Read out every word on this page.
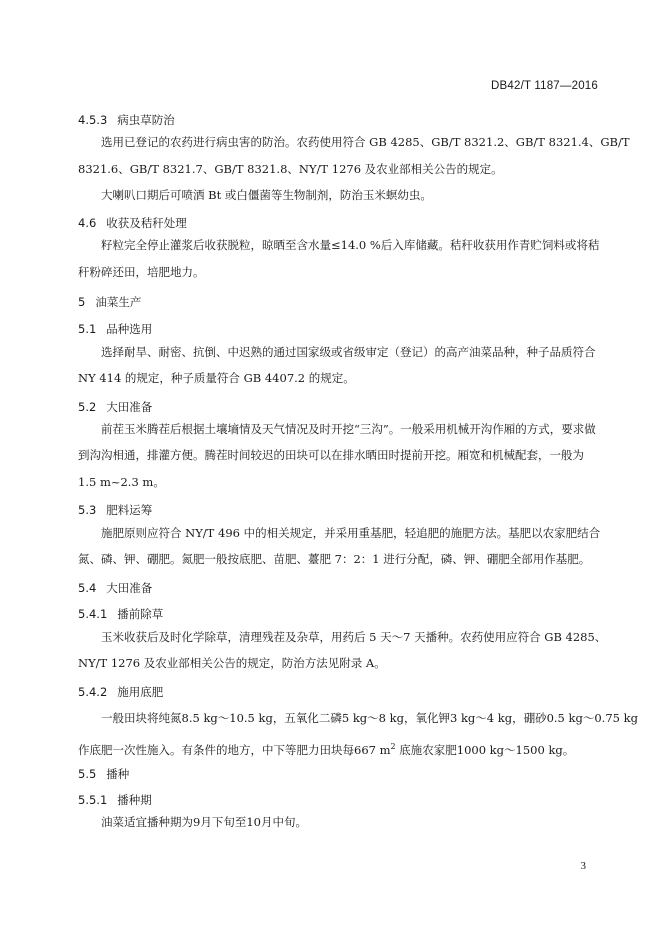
DB42/T 1187—2016
4.5.3 病虫草防治
选用已登记的农药进行病虫害的防治。农药使用符合 GB 4285、GB/T 8321.2、GB/T 8321.4、GB/T
8321.6、GB/T 8321.7、GB/T 8321.8、NY/T 1276 及农业部相关公告的规定。
大喇叭口期后可喷洒 Bt 或白僵菌等生物制剂，防治玉米螟幼虫。
4.6 收获及秸秆处理
籽粒完全停止灌浆后收获脱粒，晾晒至含水量≤14.0 %后入库储藏。秸秆收获用作青贮饲料或将秸
秆粉碎还田，培肥地力。
5 油菜生产
5.1 品种选用
选择耐旱、耐密、抗倒、中迟熟的通过国家级或省级审定（登记）的高产油菜品种，种子品质符合
NY 414 的规定，种子质量符合 GB 4407.2 的规定。
5.2 大田准备
前茬玉米腾茬后根据土壤墒情及天气情况及时开挖“三沟”。一般采用机械开沟作厢的方式，要求做
到沟沟相通，排灌方便。腾茬时间较迟的田块可以在排水晒田时提前开挖。厢宽和机械配套，一般为
1.5 m~2.3 m。
5.3 肥料运筹
施肥原则应符合 NY/T 496 中的相关规定，并采用重基肥，轻追肥的施肥方法。基肥以农家肥结合
氮、磷、钾、硼肥。氮肥一般按底肥、苗肥、薹肥 7：2：1 进行分配，磷、钾、硼肥全部用作基肥。
5.4 大田准备
5.4.1 播前除草
玉米收获后及时化学除草，清理残茬及杂草，用药后 5 天～7 天播种。农药使用应符合 GB 4285、
NY/T 1276 及农业部相关公告的规定，防治方法见附录 A。
5.4.2 施用底肥
一般田块将纯氮8.5 kg～10.5 kg，五氧化二磷5 kg～8 kg，氧化钾3 kg～4 kg，硼砂0.5 kg～0.75 kg
作底肥一次性施入。有条件的地方，中下等肥力田块每667 $m^2$ 底施农家肥1000 kg～1500 kg。
5.5 播种
5.5.1 播种期
油菜适宜播种期为9月下旬至10月中旬。
3
